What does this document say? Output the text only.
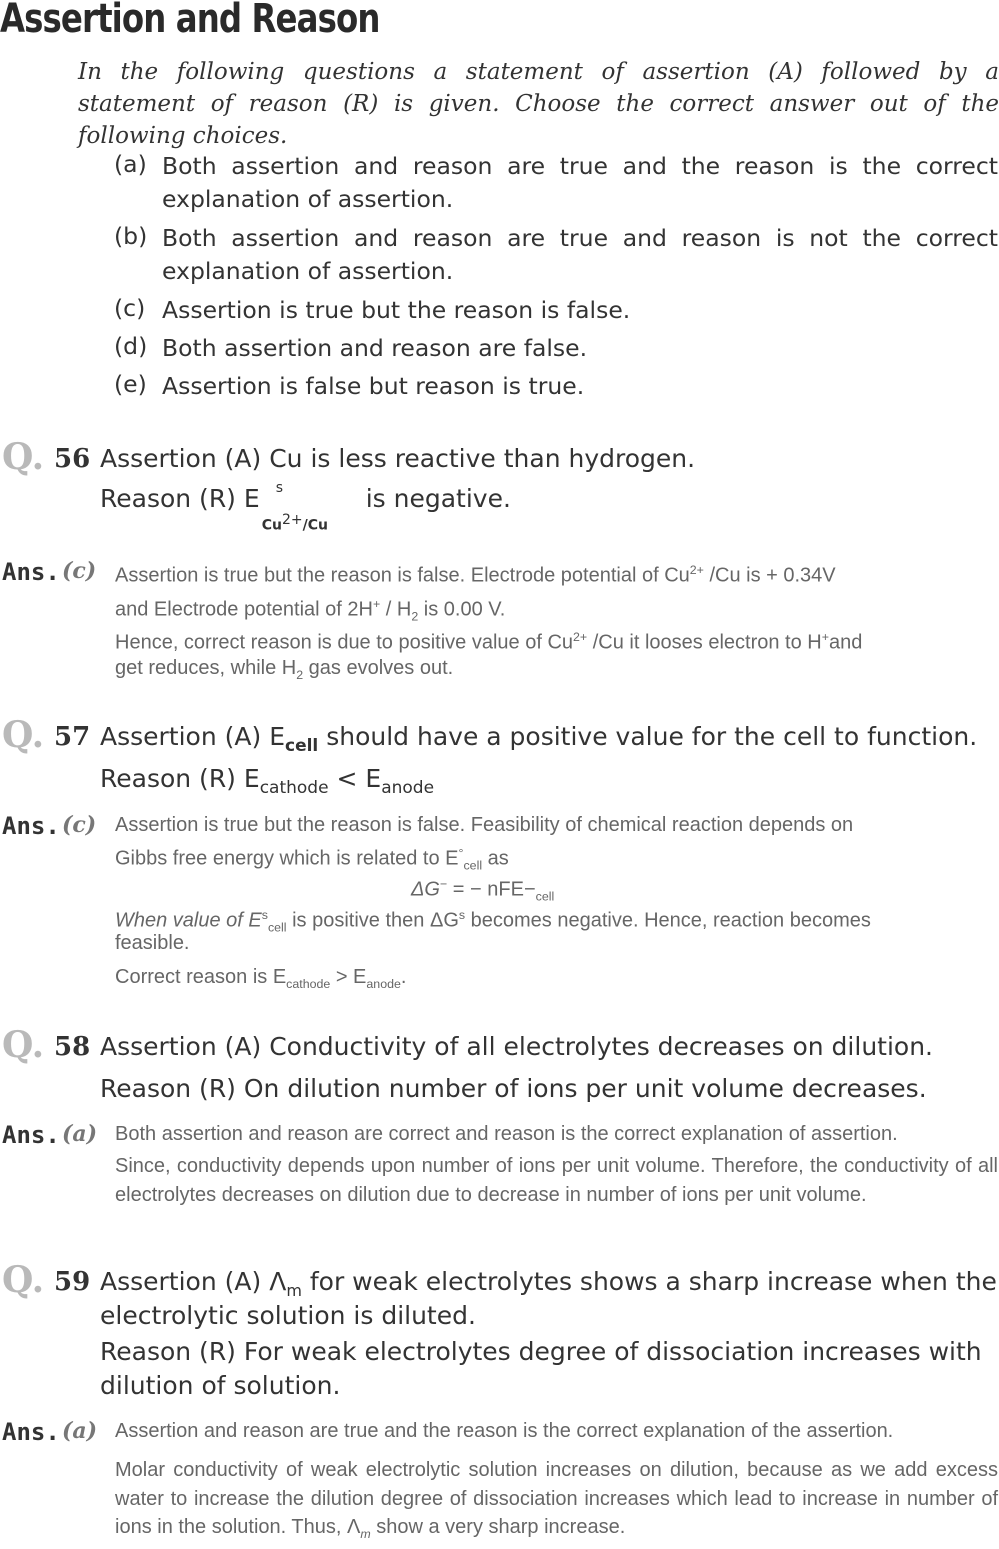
Assertion and Reason
In the following questions a statement of assertion (A) followed by a statement of reason (R) is given. Choose the correct answer out of the following choices.
(a) Both assertion and reason are true and the reason is the correct explanation of assertion.
(b) Both assertion and reason are true and reason is not the correct explanation of assertion.
(c) Assertion is true but the reason is false.
(d) Both assertion and reason are false.
(e) Assertion is false but reason is true.
Q. 56 Assertion (A) Cu is less reactive than hydrogen.
Reason (R) E s
$Cu^{2+}/Cu$
is negative.
Ans. (c) Assertion is true but the reason is false. Electrode potential of $Cu^{2+}$ /Cu is + 0.34V
and Electrode potential of $2H^+ / H_2$ is 0.00 V.
Hence, correct reason is due to positive value of $Cu^{2+}$ /Cu it looses electron to H+and
get reduces, while $H_2$ gas evolves out.
Q. 57 Assertion (A) $E_{cell}$ should have a positive value for the cell to function.
Reason (R) $E_{cathode} < E_{anode}$
Ans. (c) Assertion is true but the reason is false. Feasibility of chemical reaction depends on
Gibbs free energy which is related to $E^\circ_{cell}$ as
ΔG− = − $nFE-_{cell}$
When value of $E^s_{cell}$ is positive then $\Delta G^s$ becomes negative. Hence, reaction becomes
feasible.
Correct reason is $E_{cathode} > E_{anode}$.
Q. 58 Assertion (A) Conductivity of all electrolytes decreases on dilution.
Reason (R) On dilution number of ions per unit volume decreases.
Ans. (a) Both assertion and reason are correct and reason is the correct explanation of assertion.
Since, conductivity depends upon number of ions per unit volume. Therefore, the conductivity of all electrolytes decreases on dilution due to decrease in number of ions per unit volume.
Q. 59 Assertion (A) $\Lambda_m$ for weak electrolytes shows a sharp increase when the
electrolytic solution is diluted.
Reason (R) For weak electrolytes degree of dissociation increases with
dilution of solution.
Ans. (a) Assertion and reason are true and the reason is the correct explanation of the assertion.
Molar conductivity of weak electrolytic solution increases on dilution, because as we add excess water to increase the dilution degree of dissociation increases which lead to increase in number of ions in the solution. Thus, $\Lambda_m$ show a very sharp increase.
